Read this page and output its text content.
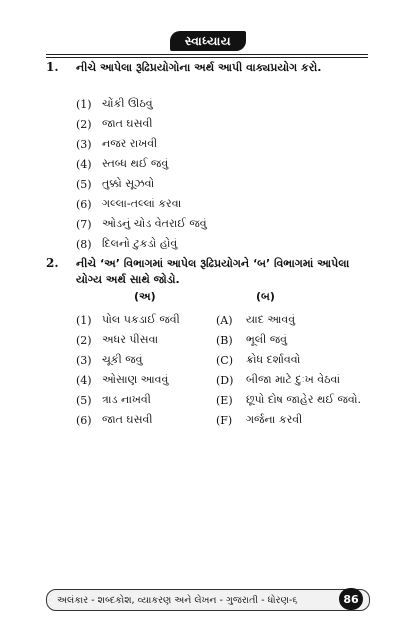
સ્વાધ્યાય
1. નીચે આપેલા રૂઢિપ્રયોગોના અર્થ આપી વાક્યપ્રયોગ કરો.
(1) ચોંકી ઊઠવું
(2) જાત ઘસવી
(3) નજર રાખવી
(4) સ્તબ્ધ થઈ જવું
(5) તુક્કો સૂઝવો
(6) ગલ્લા-તલ્લાં કરવા
(7) ઓડનું ચોડ વેતરાઈ જવું
(8) દિલનો ટુકડો હોવું
2. નીચે ‘અ’ વિભાગમાં આપેલ રૂઢિપ્રયોગને ‘બ’ વિભાગમાં આપેલા
યોગ્ય અર્થ સાથે જોડો.
(અ)	(બ)
(1) પોલ પકડાઈ જવી	(A)	યાદ આવવું
(2) અધર પીસવા	(B)	ભૂલી જવું
(3) ચૂકી જવું	(C)	ક્રોધ દર્શાવવો
(4) ઓસાણ આવવું	(D)	બીજા માટે દુઃખ વેઠવાં
(5) ત્રાડ નાખવી	(E)	છૂપો દોષ જાહેર થઈ જવો.
(6) જાત ઘસવી	(F)	ગર્જના કરવી
અલંકાર - શબ્દકોશ, વ્યાકરણ અને લેખન - ગુજરાતી - ધોરણ-૬	86
